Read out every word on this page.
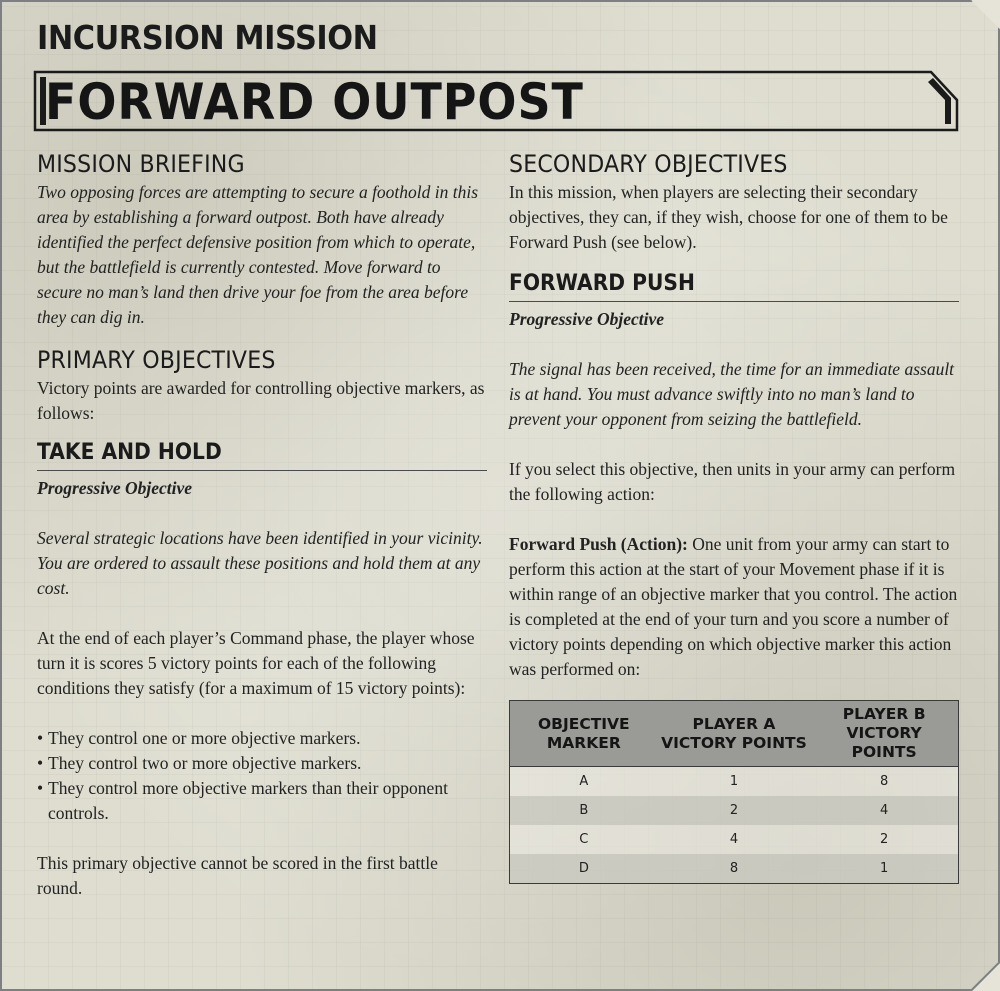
INCURSION MISSION
FORWARD OUTPOST
MISSION BRIEFING

Two opposing forces are attempting to secure a foothold in this area by establishing a forward outpost. Both have already identified the perfect defensive position from which to operate, but the battlefield is currently contested. Move forward to secure no man’s land then drive your foe from the area before they can dig in.

PRIMARY OBJECTIVES

Victory points are awarded for controlling objective markers, as follows:

TAKE AND HOLD

Progressive Objective

Several strategic locations have been identified in your vicinity. You are ordered to assault these positions and hold them at any cost.

At the end of each player’s Command phase, the player whose turn it is scores 5 victory points for each of the following conditions they satisfy (for a maximum of 15 victory points):

• They control one or more objective markers.
• They control two or more objective markers.
• They control more objective markers than their opponent controls.

This primary objective cannot be scored in the first battle round.

SECONDARY OBJECTIVES

In this mission, when players are selecting their secondary objectives, they can, if they wish, choose for one of them to be Forward Push (see below).

FORWARD PUSH

Progressive Objective

The signal has been received, the time for an immediate assault is at hand. You must advance swiftly into no man’s land to prevent your opponent from seizing the battlefield.

If you select this objective, then units in your army can perform the following action:

Forward Push (Action): One unit from your army can start to perform this action at the start of your Movement phase if it is within range of an objective marker that you control. The action is completed at the end of your turn and you score a number of victory points depending on which objective marker this action was performed on:

OBJECTIVE MARKER	PLAYER A VICTORY POINTS	PLAYER B VICTORY POINTS
A	1	8
B	2	4
C	4	2
D	8	1
